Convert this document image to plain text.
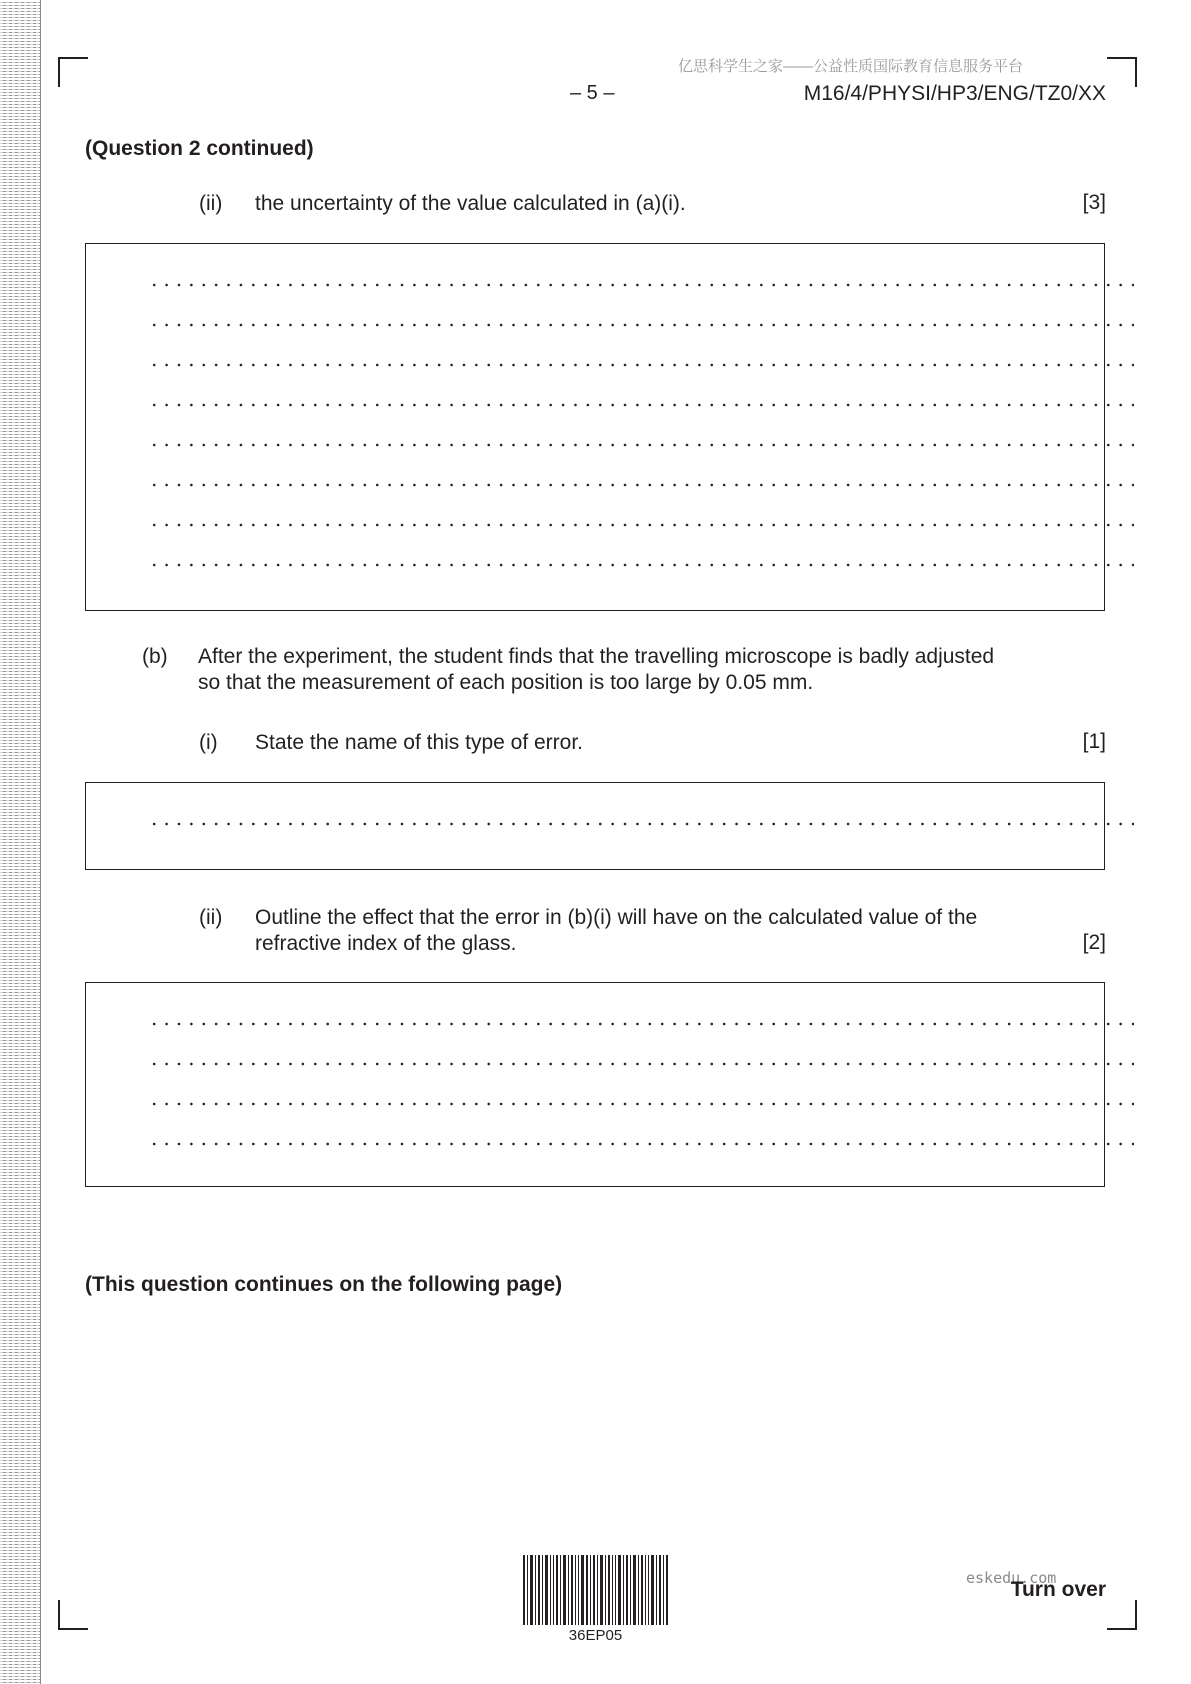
亿思科学生之家——公益性质国际教育信息服务平台
– 5 –	M16/4/PHYSI/HP3/ENG/TZ0/XX
(Question 2 continued)
(ii) the uncertainty of the value calculated in (a)(i).	[3]
(b) After the experiment, the student finds that the travelling microscope is badly adjusted
so that the measurement of each position is too large by 0.05 mm.
(i) State the name of this type of error.	[1]
(ii) Outline the effect that the error in (b)(i) will have on the calculated value of the
refractive index of the glass.	[2]
(This question continues on the following page)
36EP05
eskedu.com
Turn over
